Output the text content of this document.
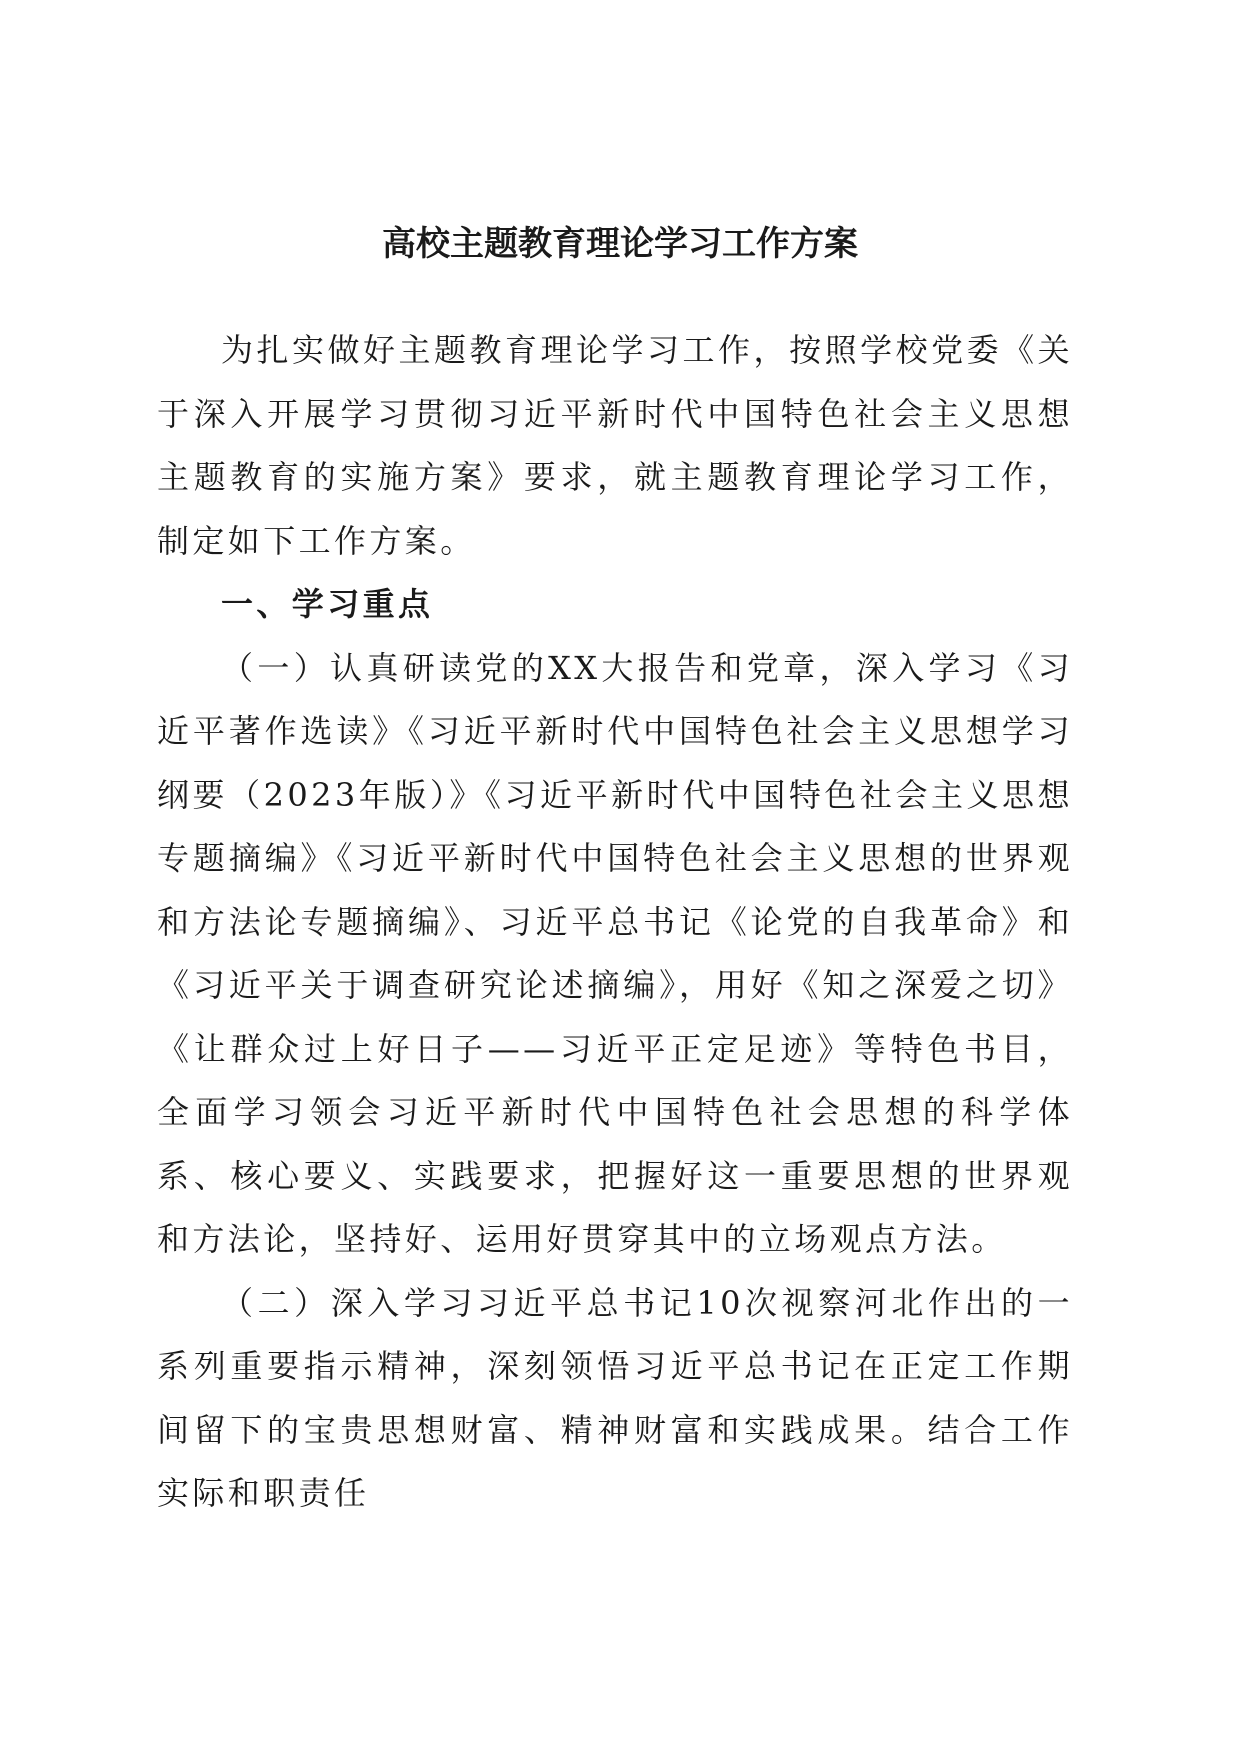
高校主题教育理论学习工作方案

为扎实做好主题教育理论学习工作，按照学校党委《关于深入开展学习贯彻习近平新时代中国特色社会主义思想主题教育的实施方案》要求，就主题教育理论学习工作，制定如下工作方案。

一、学习重点

（一）认真研读党的XX大报告和党章，深入学习《习近平著作选读》《习近平新时代中国特色社会主义思想学习纲要（2023年版）》《习近平新时代中国特色社会主义思想专题摘编》《习近平新时代中国特色社会主义思想的世界观和方法论专题摘编》、习近平总书记《论党的自我革命》和《习近平关于调查研究论述摘编》，用好《知之深爱之切》《让群众过上好日子——习近平正定足迹》等特色书目，全面学习领会习近平新时代中国特色社会思想的科学体系、核心要义、实践要求，把握好这一重要思想的世界观和方法论，坚持好、运用好贯穿其中的立场观点方法。

（二）深入学习习近平总书记10次视察河北作出的一系列重要指示精神，深刻领悟习近平总书记在正定工作期间留下的宝贵思想财富、精神财富和实践成果。结合工作实际和职责任
